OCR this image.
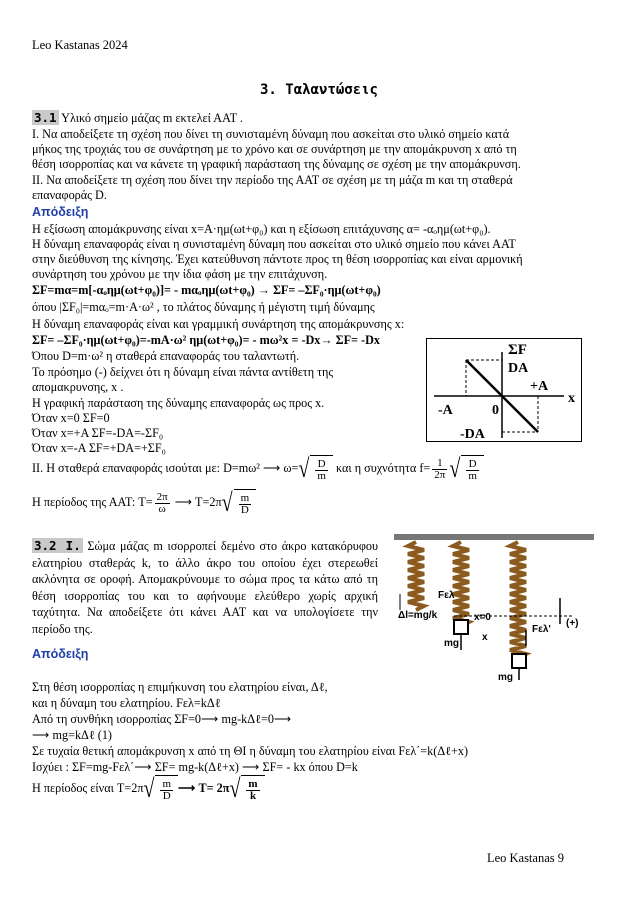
Leo Kastanas 2024
3. Ταλαντώσεις
3.1 Υλικό σημείο μάζας m εκτελεί ΑΑΤ .
I. Να αποδείξετε τη σχέση που δίνει τη συνισταμένη δύναμη που ασκείται στο υλικό σημείο κατά
μήκος της τροχιάς του σε συνάρτηση με το χρόνο και σε συνάρτηση με την απομάκρυνση x από τη
θέση ισορροπίας και να κάνετε τη γραφική παράσταση της δύναμης σε σχέση με την απομάκρυνση.
II. Να αποδείξετε τη σχέση που δίνει την περίοδο της ΑΑΤ σε σχέση με τη μάζα m και τη σταθερά
επαναφοράς D.
Απόδειξη
Η εξίσωση απομάκρυνσης είναι x=A·ημ(ωt+φ₀) και η εξίσωση επιτάχυνσης α= -αₒημ(ωt+φ₀).
Η δύναμη επαναφοράς είναι η συνισταμένη δύναμη που ασκείται στο υλικό σημείο που κάνει ΑΑΤ
στην διεύθυνση της κίνησης. Έχει κατεύθυνση πάντοτε προς τη θέση ισορροπίας και είναι αρμονική
συνάρτηση του χρόνου με την ίδια φάση με την επιτάχυνση.
ΣF=mα=m[-αₒημ(ωt+φ₀)]= - mαₒημ(ωt+φ₀) → ΣF= –ΣF₀·ημ(ωt+φ₀)
όπου |ΣF₀|=mαₒ=m·A·ω² , το πλάτος δύναμης ή μέγιστη τιμή δύναμης
Η δύναμη επαναφοράς είναι και γραμμική συνάρτηση της απομάκρυνσης x:
ΣF= –ΣF₀·ημ(ωt+φ₀)=-mA·ω² ημ(ωt+φ₀)= - mω²x = -Dx→ ΣF= -Dx
Όπου D=m·ω² η σταθερά επαναφοράς του ταλαντωτή.
Το πρόσημο (-) δείχνει ότι η δύναμη είναι πάντα αντίθετη της
απομακρυνσης, x .
Η γραφική παράσταση της δύναμης επαναφοράς ως προς x.
Όταν x=0 ΣF=0
Όταν x=+A ΣF=-DA=-ΣF₀
Όταν x=-A ΣF=+DA=+ΣF₀
ΣF
DA
+A
x
-A	0
-DA
II. Η σταθερά επαναφοράς ισούται με: D=mω² ⟶ $\omega=√ \frac{D}{m}$ και η συχνότητα $f= \frac{1}{2\pi}$ √ $\frac{D}{m}$
Η περίοδος της ΑΑΤ: $T= \frac{2\pi}{\omega}$ ⟶ $T=2\pi√ \frac{m}{D}$
3.2 I. Σώμα μάζας m ισορροπεί δεμένο στο άκρο κατακόρυφου ελατηρίου σταθεράς k, το άλλο άκρο του οποίου έχει στερεωθεί ακλόνητα σε οροφή. Απομακρύνουμε το σώμα προς τα κάτω από τη θέση ισορροπίας του και το αφήνουμε ελεύθερο χωρίς αρχική ταχύτητα. Να αποδείξετε ότι κάνει ΑΑΤ και να υπολογίσετε την περίοδο της.
Fελ
Δl=mg/k	x=0
mg
x
Fελ'
(+)
mg
Απόδειξη
Στη θέση ισορροπίας η επιμήκυνση του ελατηρίου είναι, Δℓ,
και η δύναμη του ελατηρίου. Fελ=kΔℓ
Από τη συνθήκη ισορροπίας ΣF=0⟶ mg-kΔℓ=0⟶
⟶ mg=kΔℓ (1)
Σε τυχαία θετική απομάκρυνση x από τη ΘΙ η δύναμη του ελατηρίου είναι Fελ΄=k(Δℓ+x)
Ισχύει : ΣF=mg-Fελ΄⟶ ΣF= mg-k(Δℓ+x) ⟶ ΣF= - kx όπου D=k
Η περίοδος είναι $T=2\pi√ \frac{m}{D}$ ⟶ $T= 2\pi√ \frac{m}{k}$
Leo Kastanas 9
